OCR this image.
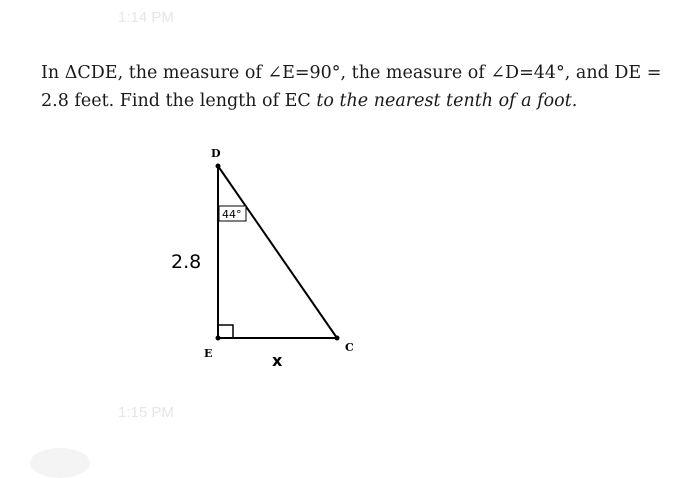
1:14 PM
In ΔCDE, the measure of ∠E=90°, the measure of ∠D=44°, and DE =
2.8 feet. Find the length of EC to the nearest tenth of a foot.
44°
D
E	C
2.8
x
1:15 PM
